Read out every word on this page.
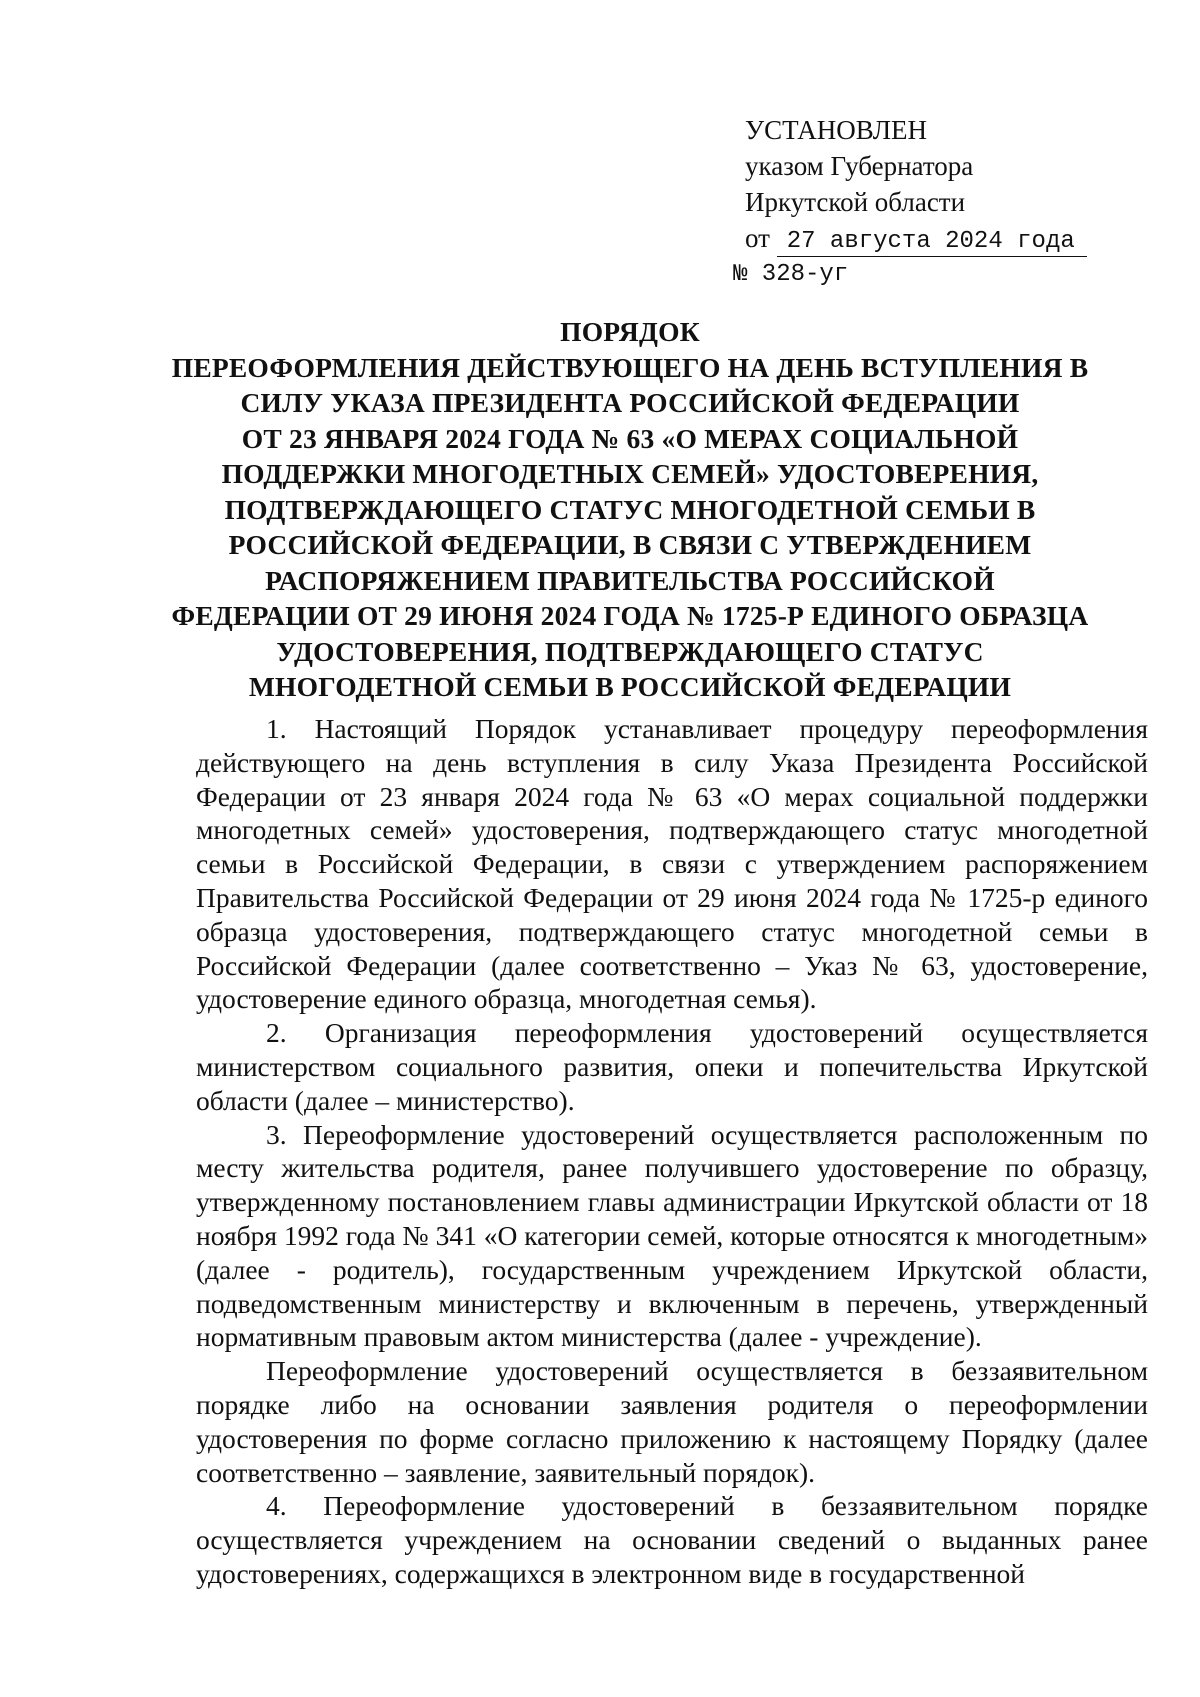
УСТАНОВЛЕН
указом Губернатора
Иркутской области
от 27 августа 2024 года
№ 328-уг
ПОРЯДОК
ПЕРЕОФОРМЛЕНИЯ ДЕЙСТВУЮЩЕГО НА ДЕНЬ ВСТУПЛЕНИЯ В
СИЛУ УКАЗА ПРЕЗИДЕНТА РОССИЙСКОЙ ФЕДЕРАЦИИ
ОТ 23 ЯНВАРЯ 2024 ГОДА № 63 «О МЕРАХ СОЦИАЛЬНОЙ
ПОДДЕРЖКИ МНОГОДЕТНЫХ СЕМЕЙ» УДОСТОВЕРЕНИЯ,
ПОДТВЕРЖДАЮЩЕГО СТАТУС МНОГОДЕТНОЙ СЕМЬИ В
РОССИЙСКОЙ ФЕДЕРАЦИИ, В СВЯЗИ С УТВЕРЖДЕНИЕМ
РАСПОРЯЖЕНИЕМ ПРАВИТЕЛЬСТВА РОССИЙСКОЙ
ФЕДЕРАЦИИ ОТ 29 ИЮНЯ 2024 ГОДА № 1725-Р ЕДИНОГО ОБРАЗЦА
УДОСТОВЕРЕНИЯ, ПОДТВЕРЖДАЮЩЕГО СТАТУС
МНОГОДЕТНОЙ СЕМЬИ В РОССИЙСКОЙ ФЕДЕРАЦИИ

1. Настоящий Порядок устанавливает процедуру переоформления действующего на день вступления в силу Указа Президента Российской Федерации от 23 января 2024 года № 63 «О мерах социальной поддержки многодетных семей» удостоверения, подтверждающего статус многодетной семьи в Российской Федерации, в связи с утверждением распоряжением Правительства Российской Федерации от 29 июня 2024 года № 1725-р единого образца удостоверения, подтверждающего статус многодетной семьи в Российской Федерации (далее соответственно – Указ № 63, удостоверение, удостоверение единого образца, многодетная семья).

2. Организация переоформления удостоверений осуществляется министерством социального развития, опеки и попечительства Иркутской области (далее – министерство).

3. Переоформление удостоверений осуществляется расположенным по месту жительства родителя, ранее получившего удостоверение по образцу, утвержденному постановлением главы администрации Иркутской области от 18 ноября 1992 года № 341 «О категории семей, которые относятся к многодетным» (далее - родитель), государственным учреждением Иркутской области, подведомственным министерству и включенным в перечень, утвержденный нормативным правовым актом министерства (далее - учреждение).

Переоформление удостоверений осуществляется в беззаявительном порядке либо на основании заявления родителя о переоформлении удостоверения по форме согласно приложению к настоящему Порядку (далее соответственно – заявление, заявительный порядок).

4. Переоформление удостоверений в беззаявительном порядке осуществляется учреждением на основании сведений о выданных ранее удостоверениях, содержащихся в электронном виде в государственной
